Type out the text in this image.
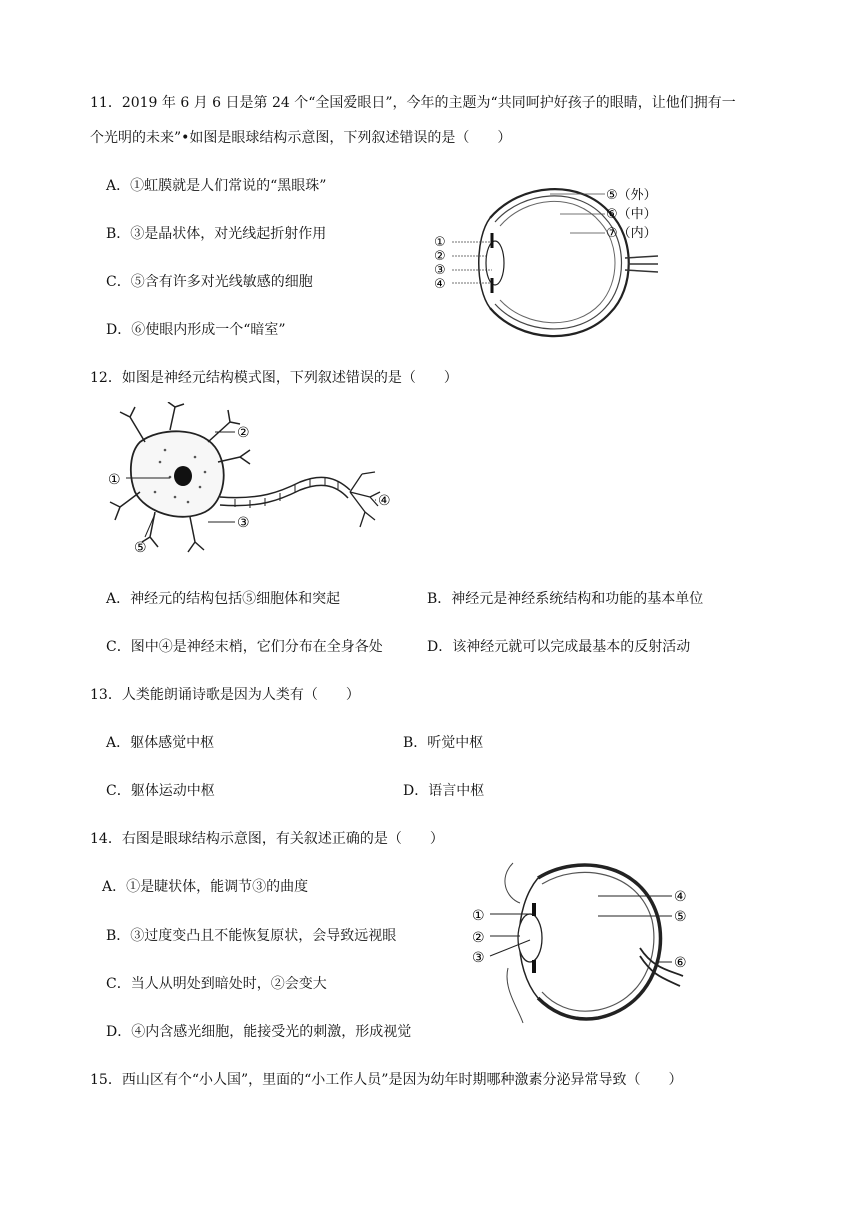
11．2019 年 6 月 6 日是第 24 个“全国爱眼日”，今年的主题为“共同呵护好孩子的眼睛，让他们拥有一
个光明的未来”•如图是眼球结构示意图，下列叙述错误的是（　　）
A．①虹膜就是人们常说的“黑眼珠”
B．③是晶状体，对光线起折射作用
C．⑤含有许多对光线敏感的细胞
D．⑥使眼内形成一个“暗室”
①
②
③
④
⑤（外）
⑥（中）
⑦（内）
12．如图是神经元结构模式图，下列叙述错误的是（　　）
①
②
③
④
⑤
A．神经元的结构包括⑤细胞体和突起	B．神经元是神经系统结构和功能的基本单位
C．图中④是神经末梢，它们分布在全身各处	D．该神经元就可以完成最基本的反射活动
13．人类能朗诵诗歌是因为人类有（　　）
A．躯体感觉中枢	B．听觉中枢
C．躯体运动中枢	D．语言中枢
14．右图是眼球结构示意图，有关叙述正确的是（　　）
A．①是睫状体，能调节③的曲度
B．③过度变凸且不能恢复原状，会导致远视眼
C．当人从明处到暗处时，②会变大
D．④内含感光细胞，能接受光的刺激，形成视觉
①
②
③
④
⑤
⑥
15．西山区有个“小人国”，里面的“小工作人员”是因为幼年时期哪种激素分泌异常导致（　　）
